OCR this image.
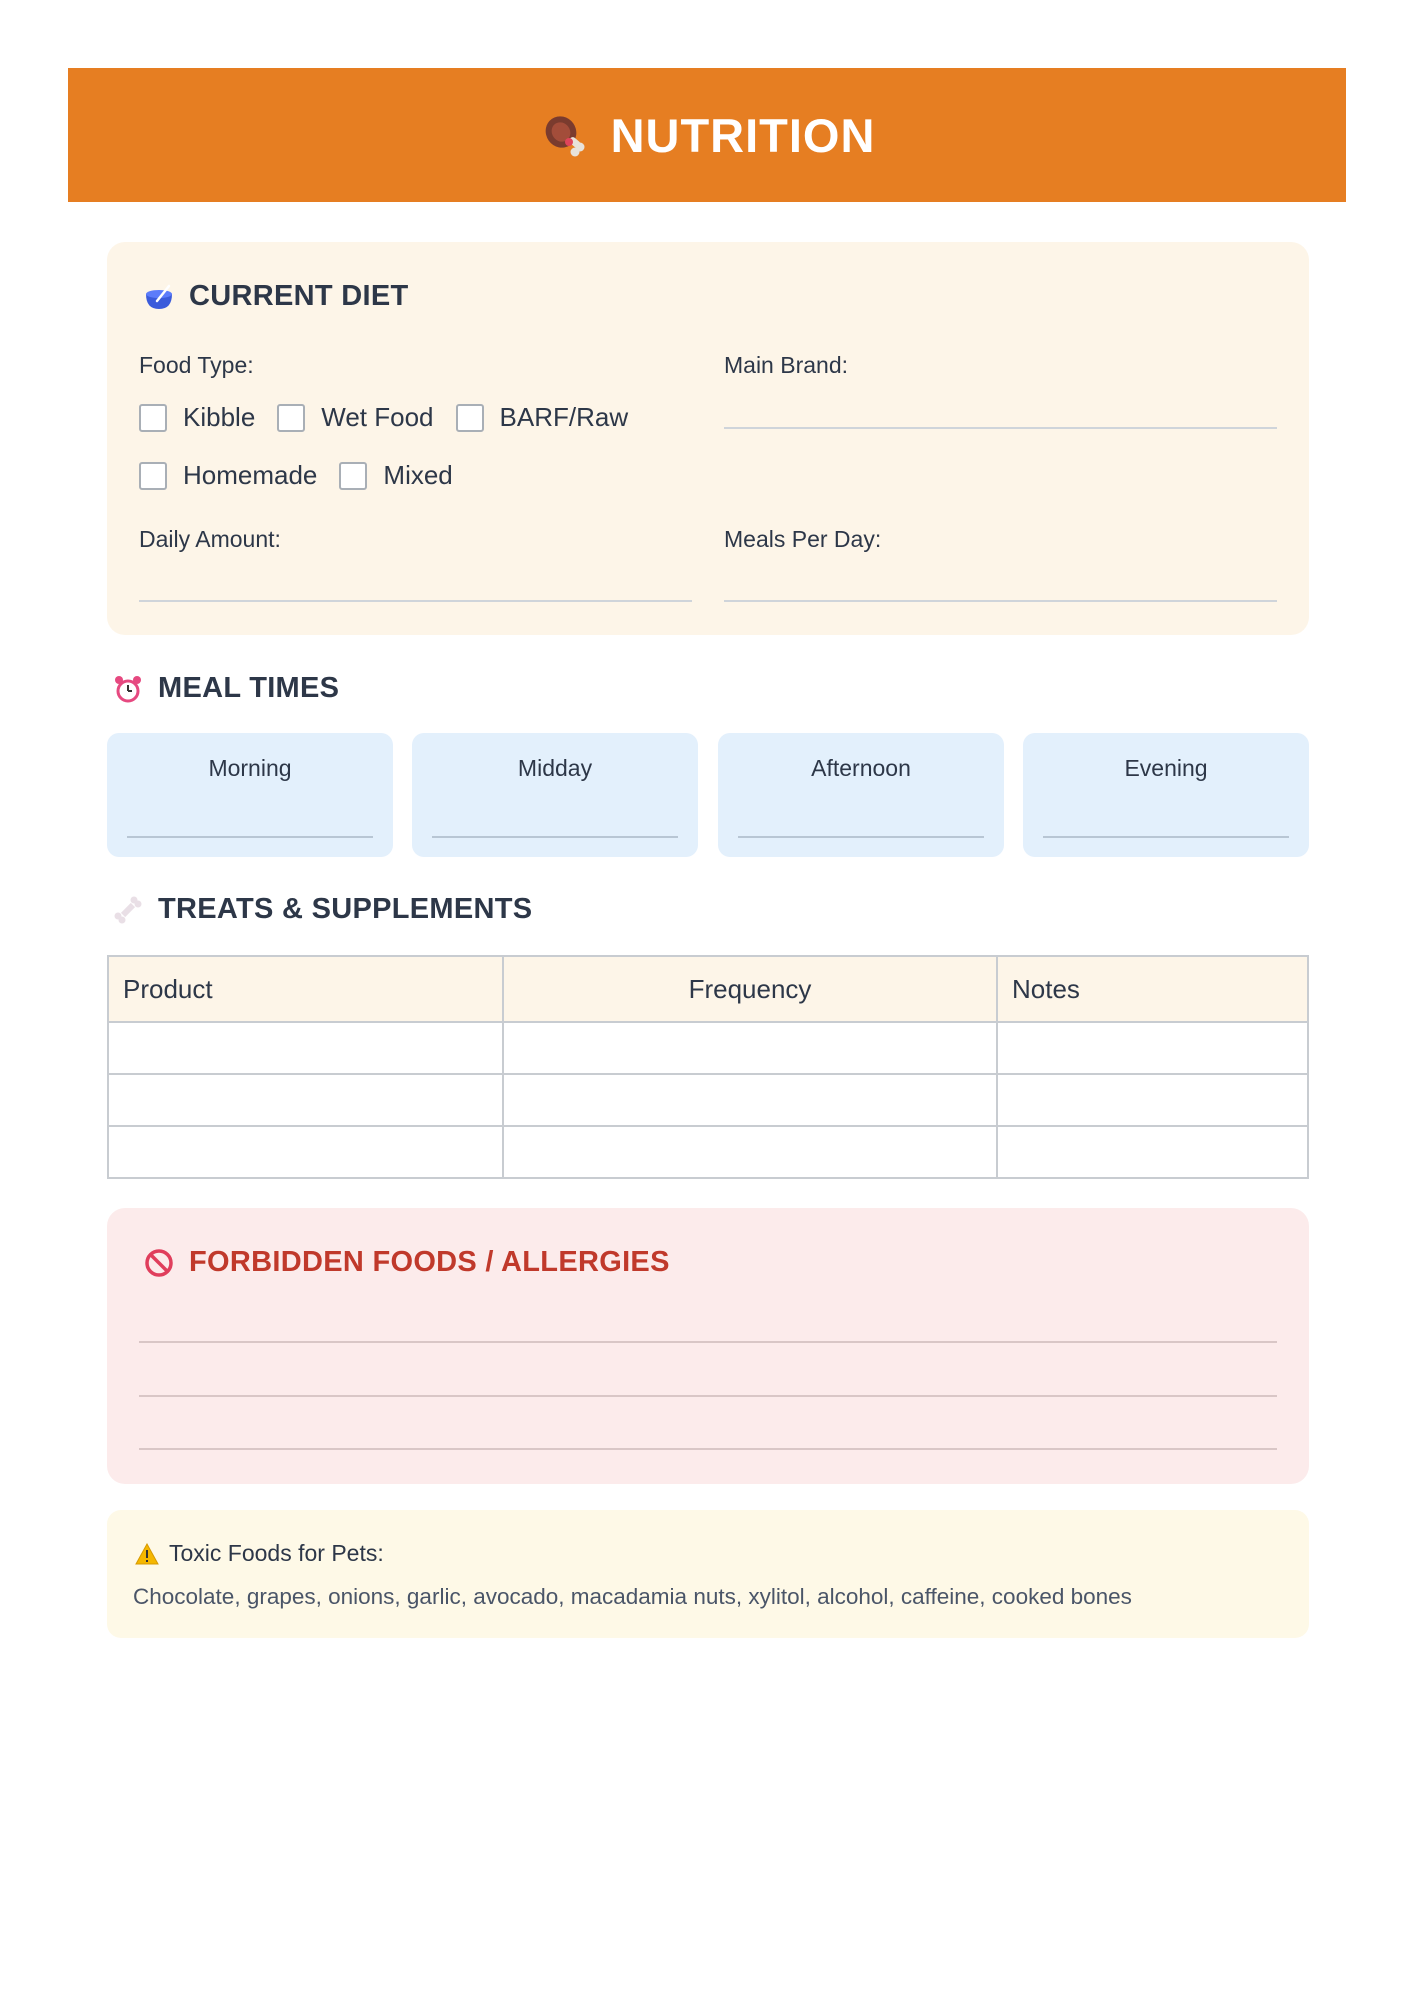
NUTRITION
CURRENT DIET
Food Type:
Kibble	Wet Food	BARF/Raw
Homemade	Mixed
Main Brand:
Daily Amount:	Meals Per Day:
MEAL TIMES
Morning	Midday	Afternoon	Evening
TREATS & SUPPLEMENTS
Product	Frequency	Notes

FORBIDDEN FOODS / ALLERGIES
Toxic Foods for Pets:
Chocolate, grapes, onions, garlic, avocado, macadamia nuts, xylitol, alcohol, caffeine, cooked bones
